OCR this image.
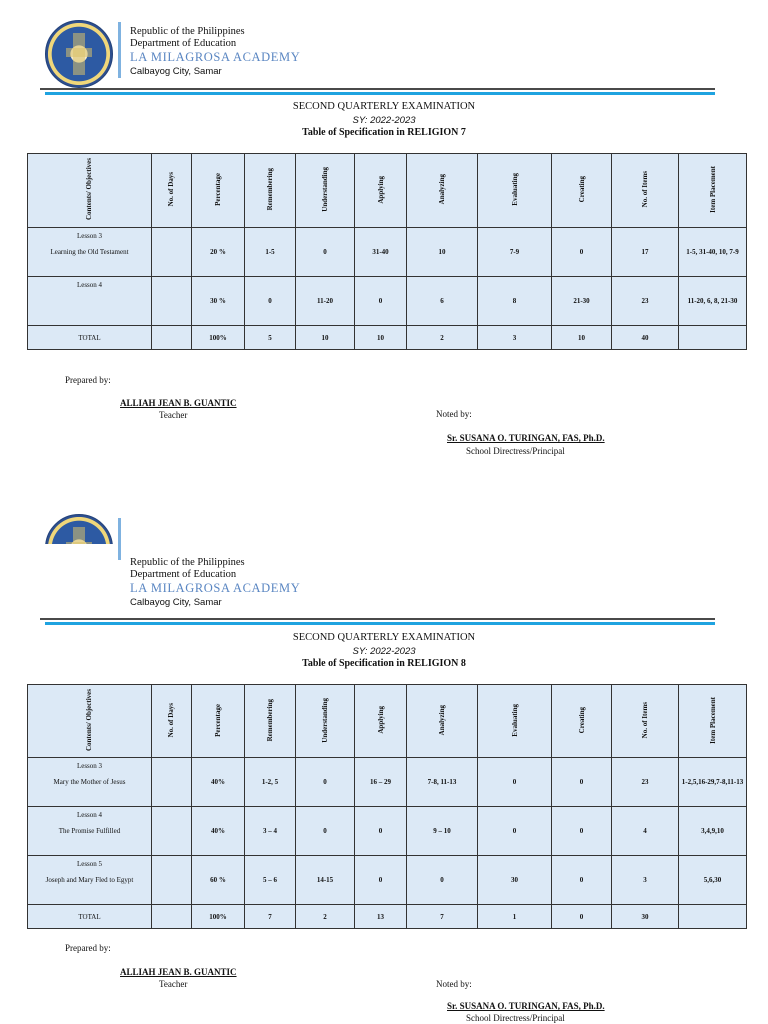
Republic of the Philippines
Department of Education
LA MILAGROSA ACADEMY
Calbayog City, Samar
SECOND QUARTERLY EXAMINATION
SY: 2022-2023
Table of Specification in RELIGION 7
Contents/ Objectives	No. of Days	Percentage	Remembering	Understanding	Applying	Analyzing	Evaluating	Creating	No. of Items	Item Placement

Lesson 3
Learning the Old Testament		20 %	1-5	0	31-40	10	7-9	0	17	1-5, 31-40, 10, 7-9

Lesson 4		30 %	0	11-20	0	6	8	21-30	23	11-20, 6, 8, 21-30
TOTAL		100%	5	10	10	2	3	10	40	
Prepared by:
ALLIAH JEAN B. GUANTIC
Teacher	Noted by:
Sr. SUSANA O. TURINGAN, FAS, Ph.D.
School Directress/Principal
Republic of the Philippines
Department of Education
LA MILAGROSA ACADEMY
Calbayog City, Samar
SECOND QUARTERLY EXAMINATION
SY: 2022-2023
Table of Specification in RELIGION 8
Contents/ Objectives	No. of Days	Percentage	Remembering	Understanding	Applying	Analyzing	Evaluating	Creating	No. of Items	Item Placement

Lesson 3
Mary the Mother of Jesus		40%	1-2, 5	0	16 – 29	7-8, 11-13	0	0	23	1-2,5,16-29,7-8,11-13

Lesson 4
The Promise Fulfilled		40%	3 – 4	0	0	9 – 10	0	0	4	3,4,9,10

Lesson 5
Joseph and Mary Fled to Egypt		60 %	5 – 6	14-15	0	0	30	0	3	5,6,30
TOTAL		100%	7	2	13	7	1	0	30	
Prepared by:
ALLIAH JEAN B. GUANTIC
Teacher	Noted by:
Sr. SUSANA O. TURINGAN, FAS, Ph.D.
School Directress/Principal
